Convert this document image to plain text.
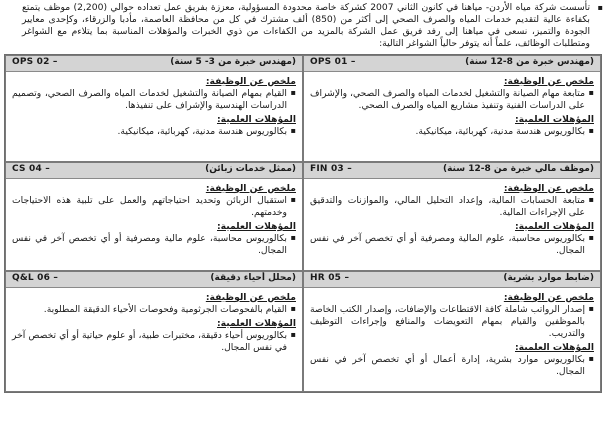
▪

تأسست شركة مياه الأردن- مياهنا في كانون الثاني 2007 كشركة خاصة محدودة المسؤولية، معززة بفريق عمل تعداده حوالي (2,200) موظف يتمتع بكفاءة عالية لتقديم خدمات المياه والصرف الصحي إلى أكثر من (850) ألف مشترك في كل من محافظة العاصمة، مأدبا والزرقاء، وكإحدى معايير الجودة والتميز، نسعى في مياهنا إلى رفد فريق عمل الشركة بالمزيد من الكفاءات من ذوي الخبرات والمؤهلات المناسبة بما يتلاءم مع الشواغر ومتطلبات الوظائف، علماً أنه يتوفر حالياً الشواغر التالية:

(مهندس خبرة من 8-12 سنة)
OPS 01 –
ملخص عن الوظيفة:
▪ متابعة مهام الصيانة والتشغيل لخدمات المياه والصرف الصحي، والإشراف على الدراسات الفنية وتنفيذ مشاريع المياه والصرف الصحي.
المؤهلات العلمية:
▪ بكالوريوس هندسة مدنية، كهربائية، ميكانيكية.
(مهندس خبرة من 3- 5 سنة)
OPS 02 –
ملخص عن الوظيفة:
▪ القيام بمهام الصيانة والتشغيل لخدمات المياه والصرف الصحي، وتصميم الدراسات الهندسية والإشراف على تنفيذها.
المؤهلات العلمية:
▪ بكالوريوس هندسة مدنية، كهربائية، ميكانيكية.
(موظف مالي خبرة من 8-12 سنة)
FIN 03 –
ملخص عن الوظيفة:
▪ متابعة الحسابات المالية، وإعداد التحليل المالي، والموازنات والتدقيق على الإجراءات المالية.
المؤهلات العلمية:
▪ بكالوريوس محاسبة، علوم المالية ومصرفية أو أي تخصص آخر في نفس المجال.
(ممثل خدمات زبائن)
CS 04 –
ملخص عن الوظيفة:
▪ استقبال الزبائن وتحديد احتياجاتهم والعمل على تلبية هذه الاحتياجات وخدمتهم.
المؤهلات العلمية:
▪ بكالوريوس محاسبة، علوم مالية ومصرفية أو أي تخصص آخر في نفس المجال.
(ضابط موارد بشرية)
HR 05 –
ملخص عن الوظيفة:
▪ إصدار الرواتب شاملة كافة الاقتطاعات والإضافات، وإصدار الكتب الخاصة بالموظفين والقيام بمهام التعويضات والمنافع وإجراءات التوظيف والتدريب.
المؤهلات العلمية:
▪ بكالوريوس موارد بشرية، إدارة أعمال أو أي تخصص آخر في نفس المجال.
(محلل أحياء دقيقة)
Q&L 06 –
ملخص عن الوظيفة:
▪ القيام بالفحوصات الجرثومية وفحوصات الأحياء الدقيقة المطلوبة.
المؤهلات العلمية:
▪ بكالوريوس أحياء دقيقة، مختبرات طبية، أو علوم حياتية أو أي تخصص آخر في نفس المجال.
